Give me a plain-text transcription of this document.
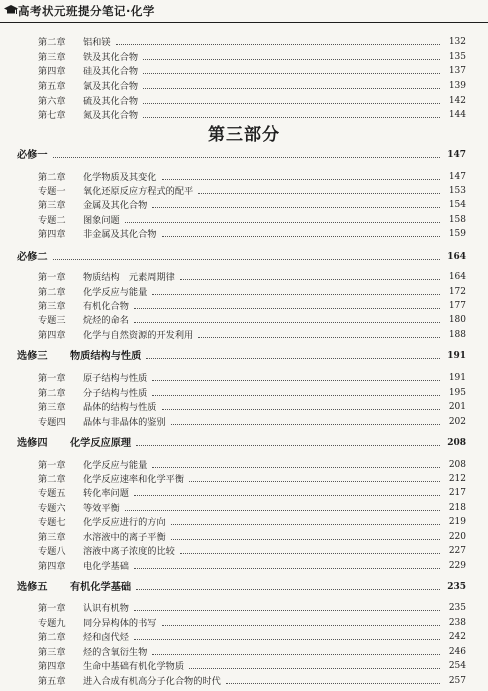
高考状元班提分笔记·化学
第三部分
第二章 铝和镁	132
第三章 铁及其化合物	135
第四章 硅及其化合物	137
第五章 氯及其化合物	139
第六章 硫及其化合物	142
第七章 氮及其化合物	144
必修一	147
第二章 化学物质及其变化	147
专题一 氧化还原反应方程式的配平	153
第三章 金属及其化合物	154
专题二 图象问题	158
第四章 非金属及其化合物	159
必修二	164
第一章 物质结构　元素周期律	164
第二章 化学反应与能量	172
第三章 有机化合物	177
专题三 烷烃的命名	180
第四章 化学与自然资源的开发利用	188
选修三 物质结构与性质	191
第一章 原子结构与性质	191
第二章 分子结构与性质	195
第三章 晶体的结构与性质	201
专题四 晶体与非晶体的鉴别	202
选修四 化学反应原理	208
第一章 化学反应与能量	208
第二章 化学反应速率和化学平衡	212
专题五 转化率问题	217
专题六 等效平衡	218
专题七 化学反应进行的方向	219
第三章 水溶液中的离子平衡	220
专题八 溶液中离子浓度的比较	227
第四章 电化学基础	229
选修五 有机化学基础	235
第一章 认识有机物	235
专题九 同分异构体的书写	238
第二章 烃和卤代烃	242
第三章 烃的含氧衍生物	246
第四章 生命中基础有机化学物质	254
第五章 进入合成有机高分子化合物的时代	257
